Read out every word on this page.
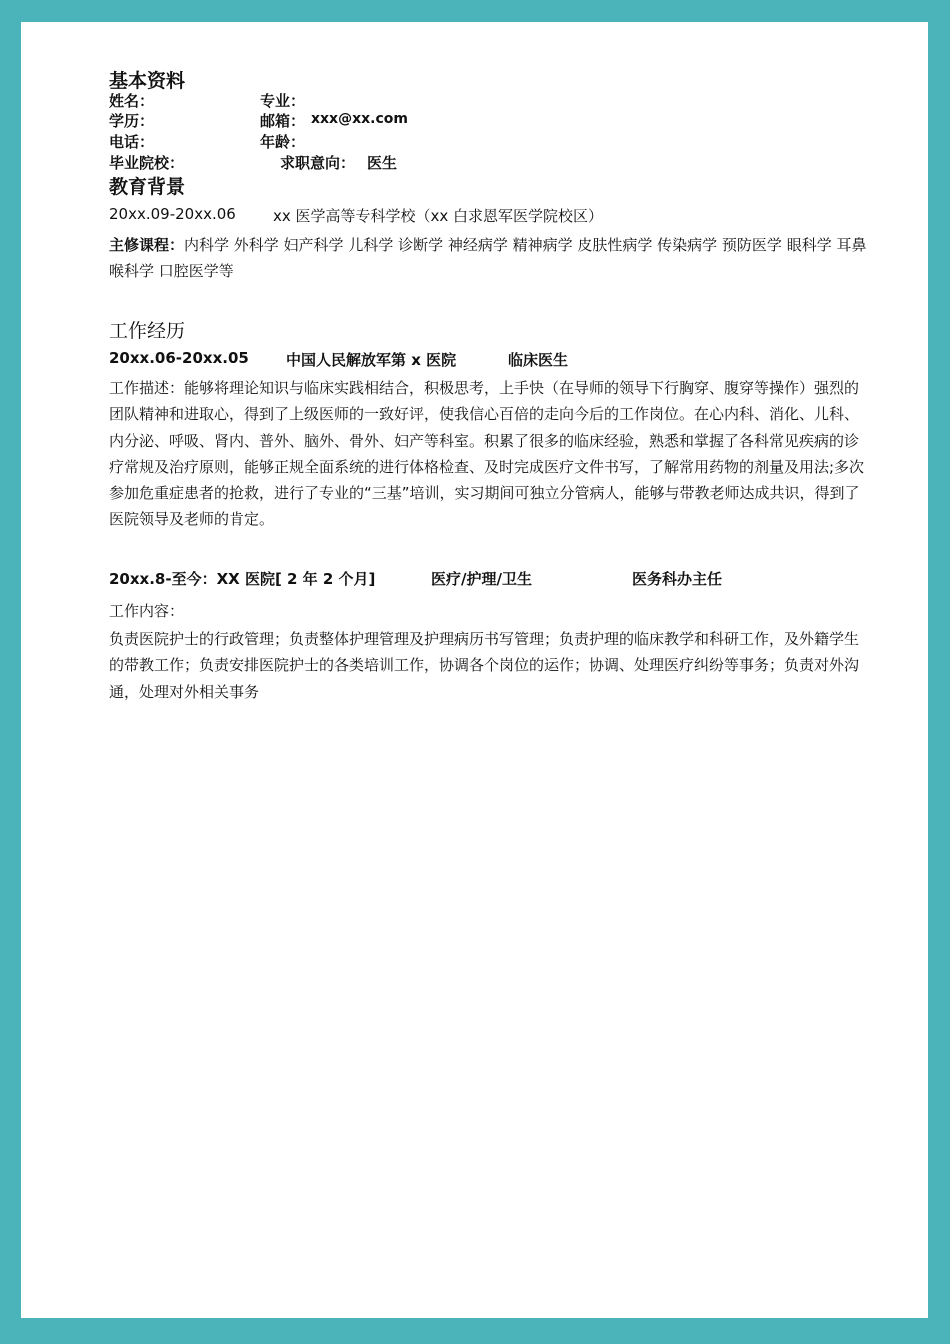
基本资料
姓名：	专业：
学历：	邮箱： xxx@xx.com
电话：	年龄：
毕业院校：	求职意向： 医生
教育背景
20xx.09-20xx.06 xx 医学高等专科学校（xx 白求恩军医学院校区）
主修课程：内科学 外科学 妇产科学 儿科学 诊断学 神经病学 精神病学 皮肤性病学 传染病学 预防医学 眼科学 耳鼻喉科学 口腔医学等
工作经历
20xx.06-20xx.05 中国人民解放军第 x 医院	临床医生
工作描述：能够将理论知识与临床实践相结合，积极思考，上手快（在导师的领导下行胸穿、腹穿等操作）强烈的团队精神和进取心，得到了上级医师的一致好评，使我信心百倍的走向今后的工作岗位。在心内科、消化、儿科、内分泌、呼吸、肾内、普外、脑外、骨外、妇产等科室。积累了很多的临床经验，熟悉和掌握了各科常见疾病的诊疗常规及治疗原则，能够正规全面系统的进行体格检查、及时完成医疗文件书写，了解常用药物的剂量及用法;多次参加危重症患者的抢救，进行了专业的“三基”培训，实习期间可独立分管病人，能够与带教老师达成共识，得到了医院领导及老师的肯定。
20xx.8-至今：XX 医院[ 2 年 2 个月]	医疗/护理/卫生	医务科办主任
工作内容：
负责医院护士的行政管理；负责整体护理管理及护理病历书写管理；负责护理的临床教学和科研工作，及外籍学生的带教工作；负责安排医院护士的各类培训工作，协调各个岗位的运作；协调、处理医疗纠纷等事务；负责对外沟通，处理对外相关事务
